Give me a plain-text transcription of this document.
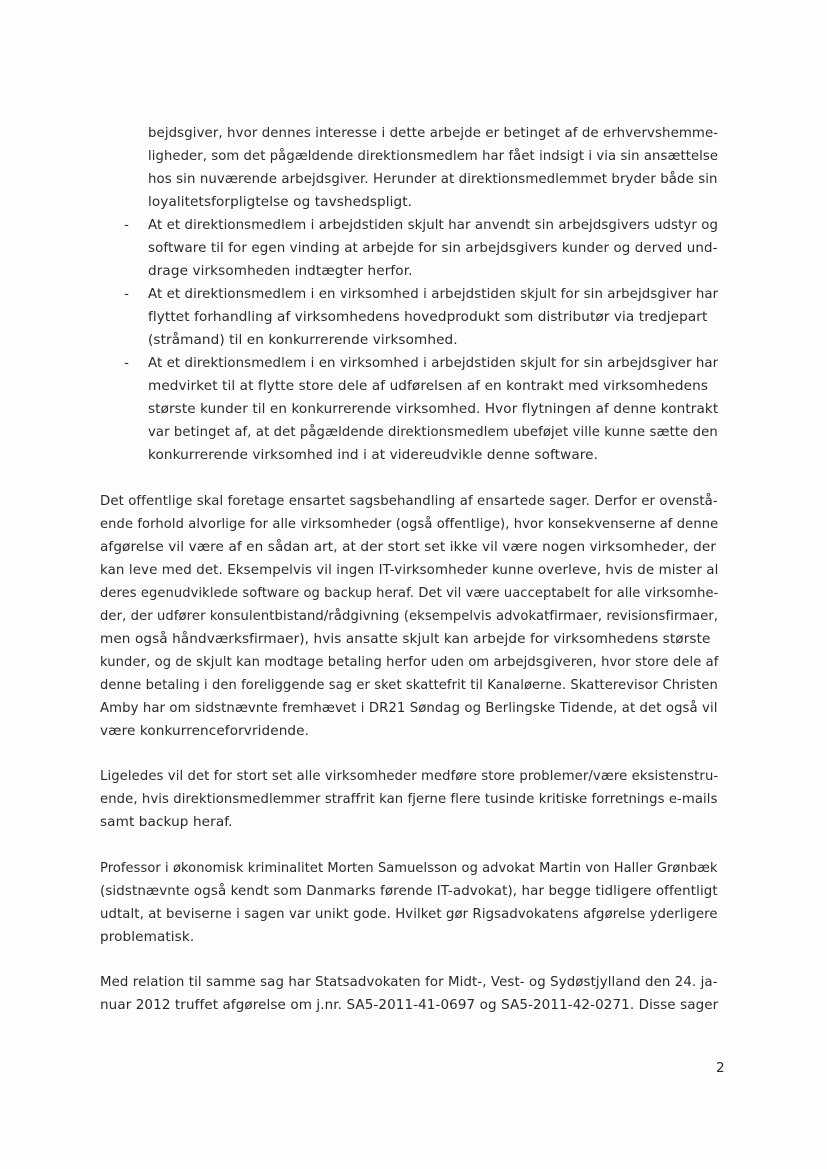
bejdsgiver, hvor dennes interesse i dette arbejde er betinget af de erhvervshemme-
ligheder, som det pågældende direktionsmedlem har fået indsigt i via sin ansættelse
hos sin nuværende arbejdsgiver. Herunder at direktionsmedlemmet bryder både sin
loyalitetsforpligtelse og tavshedspligt.
- At et direktionsmedlem i arbejdstiden skjult har anvendt sin arbejdsgivers udstyr og
software til for egen vinding at arbejde for sin arbejdsgivers kunder og derved und-
drage virksomheden indtægter herfor.
- At et direktionsmedlem i en virksomhed i arbejdstiden skjult for sin arbejdsgiver har
flyttet forhandling af virksomhedens hovedprodukt som distributør via tredjepart
(stråmand) til en konkurrerende virksomhed.
- At et direktionsmedlem i en virksomhed i arbejdstiden skjult for sin arbejdsgiver har
medvirket til at flytte store dele af udførelsen af en kontrakt med virksomhedens
største kunder til en konkurrerende virksomhed. Hvor flytningen af denne kontrakt
var betinget af, at det pågældende direktionsmedlem ubeføjet ville kunne sætte den
konkurrerende virksomhed ind i at videreudvikle denne software.
Det offentlige skal foretage ensartet sagsbehandling af ensartede sager. Derfor er ovenstå-
ende forhold alvorlige for alle virksomheder (også offentlige), hvor konsekvenserne af denne
afgørelse vil være af en sådan art, at der stort set ikke vil være nogen virksomheder, der
kan leve med det. Eksempelvis vil ingen IT-virksomheder kunne overleve, hvis de mister al
deres egenudviklede software og backup heraf. Det vil være uacceptabelt for alle virksomhe-
der, der udfører konsulentbistand/rådgivning (eksempelvis advokatfirmaer, revisionsfirmaer,
men også håndværksfirmaer), hvis ansatte skjult kan arbejde for virksomhedens største
kunder, og de skjult kan modtage betaling herfor uden om arbejdsgiveren, hvor store dele af
denne betaling i den foreliggende sag er sket skattefrit til Kanaløerne. Skatterevisor Christen
Amby har om sidstnævnte fremhævet i DR21 Søndag og Berlingske Tidende, at det også vil
være konkurrenceforvridende.
Ligeledes vil det for stort set alle virksomheder medføre store problemer/være eksistenstru-
ende, hvis direktionsmedlemmer straffrit kan fjerne flere tusinde kritiske forretnings e-mails
samt backup heraf.
Professor i økonomisk kriminalitet Morten Samuelsson og advokat Martin von Haller Grønbæk
(sidstnævnte også kendt som Danmarks førende IT-advokat), har begge tidligere offentligt
udtalt, at beviserne i sagen var unikt gode. Hvilket gør Rigsadvokatens afgørelse yderligere
problematisk.
Med relation til samme sag har Statsadvokaten for Midt-, Vest- og Sydøstjylland den 24. ja-
nuar 2012 truffet afgørelse om j.nr. SA5-2011-41-0697 og SA5-2011-42-0271. Disse sager
2
